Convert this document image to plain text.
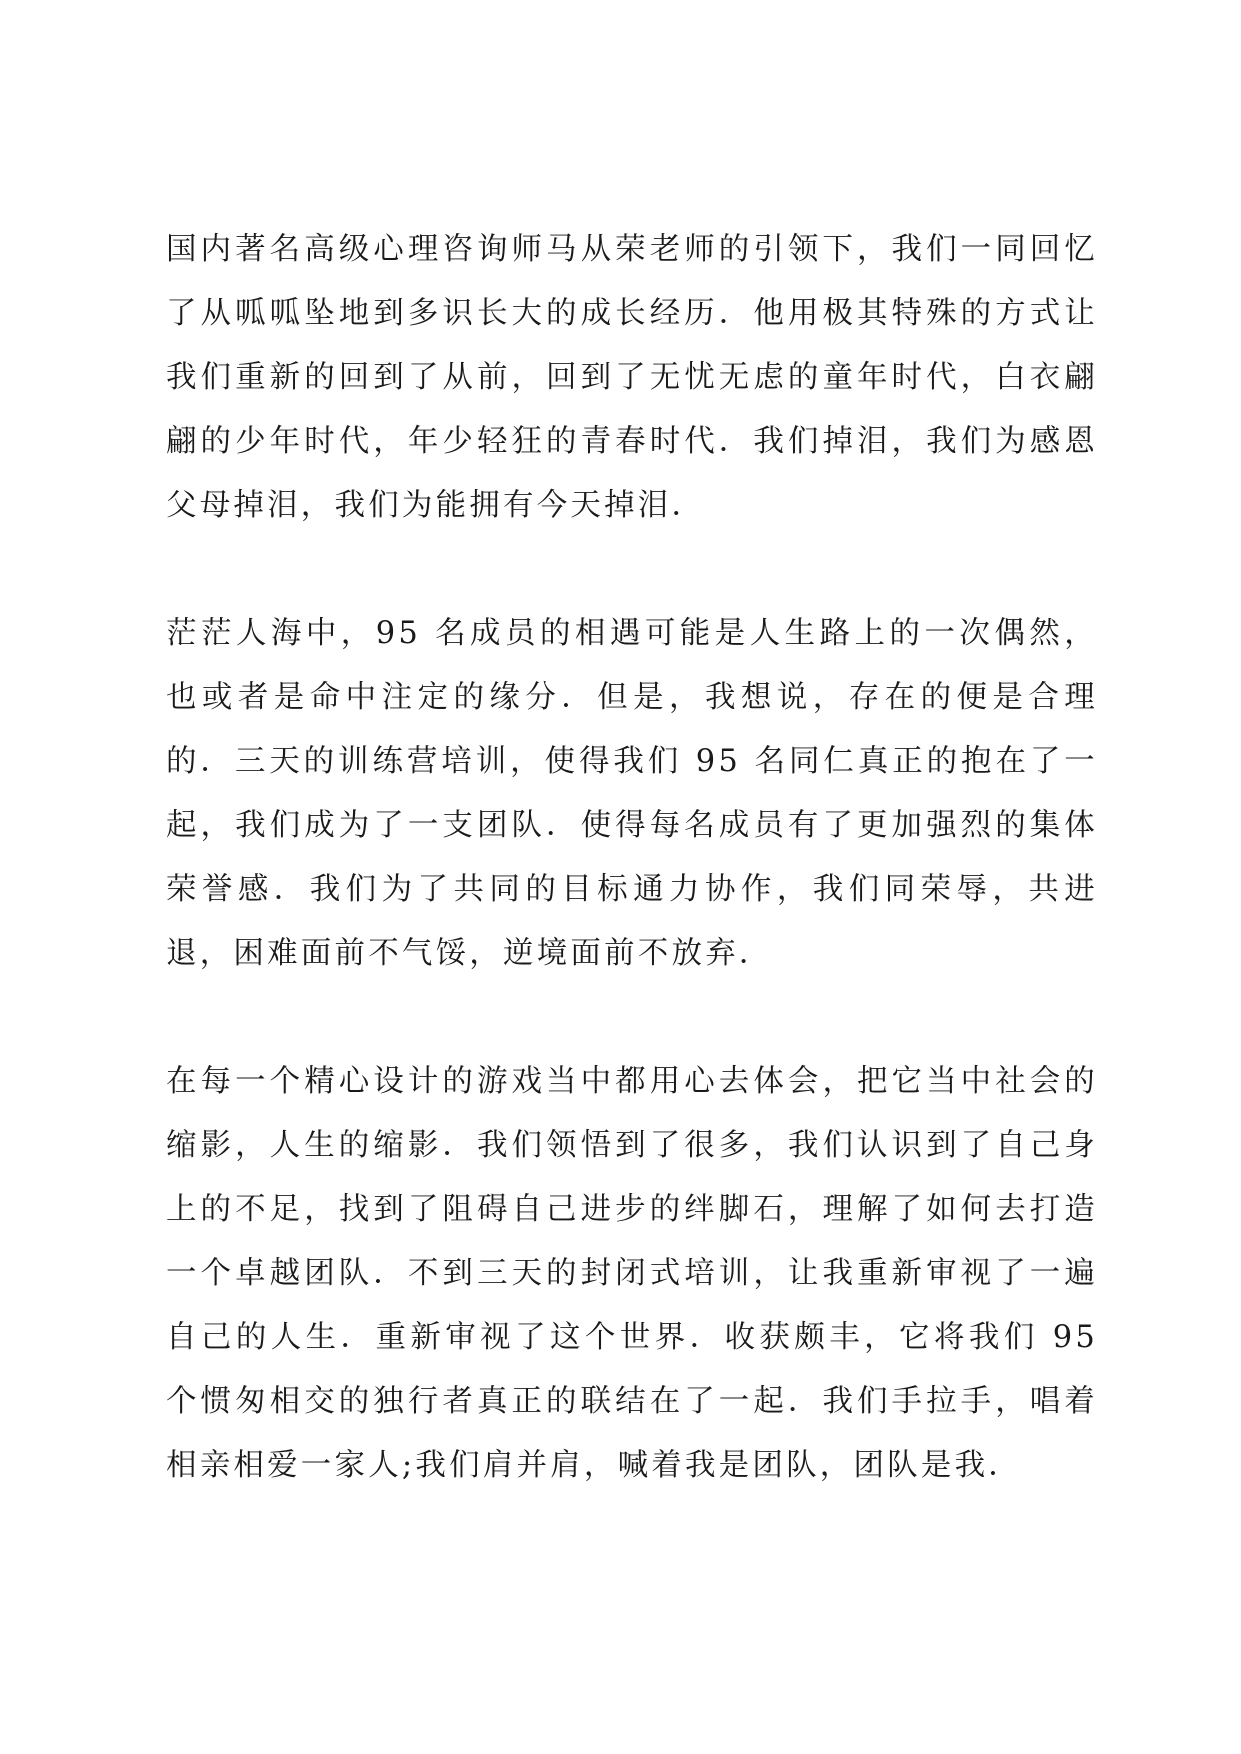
国内著名高级心理咨询师马从荣老师的引领下，我们一同回忆了从呱呱坠地到多识长大的成长经历．他用极其特殊的方式让我们重新的回到了从前，回到了无忧无虑的童年时代，白衣翩翩的少年时代，年少轻狂的青春时代．我们掉泪，我们为感恩父母掉泪，我们为能拥有今天掉泪．

茫茫人海中，95 名成员的相遇可能是人生路上的一次偶然，也或者是命中注定的缘分．但是，我想说，存在的便是合理的．三天的训练营培训，使得我们 95 名同仁真正的抱在了一起，我们成为了一支团队．使得每名成员有了更加强烈的集体荣誉感．我们为了共同的目标通力协作，我们同荣辱，共进退，困难面前不气馁，逆境面前不放弃．

在每一个精心设计的游戏当中都用心去体会，把它当中社会的缩影，人生的缩影．我们领悟到了很多，我们认识到了自己身上的不足，找到了阻碍自己进步的绊脚石，理解了如何去打造一个卓越团队．不到三天的封闭式培训，让我重新审视了一遍自己的人生．重新审视了这个世界．收获颇丰，它将我们 95 个惯匆相交的独行者真正的联结在了一起．我们手拉手，唱着相亲相爱一家人;我们肩并肩，喊着我是团队，团队是我．
